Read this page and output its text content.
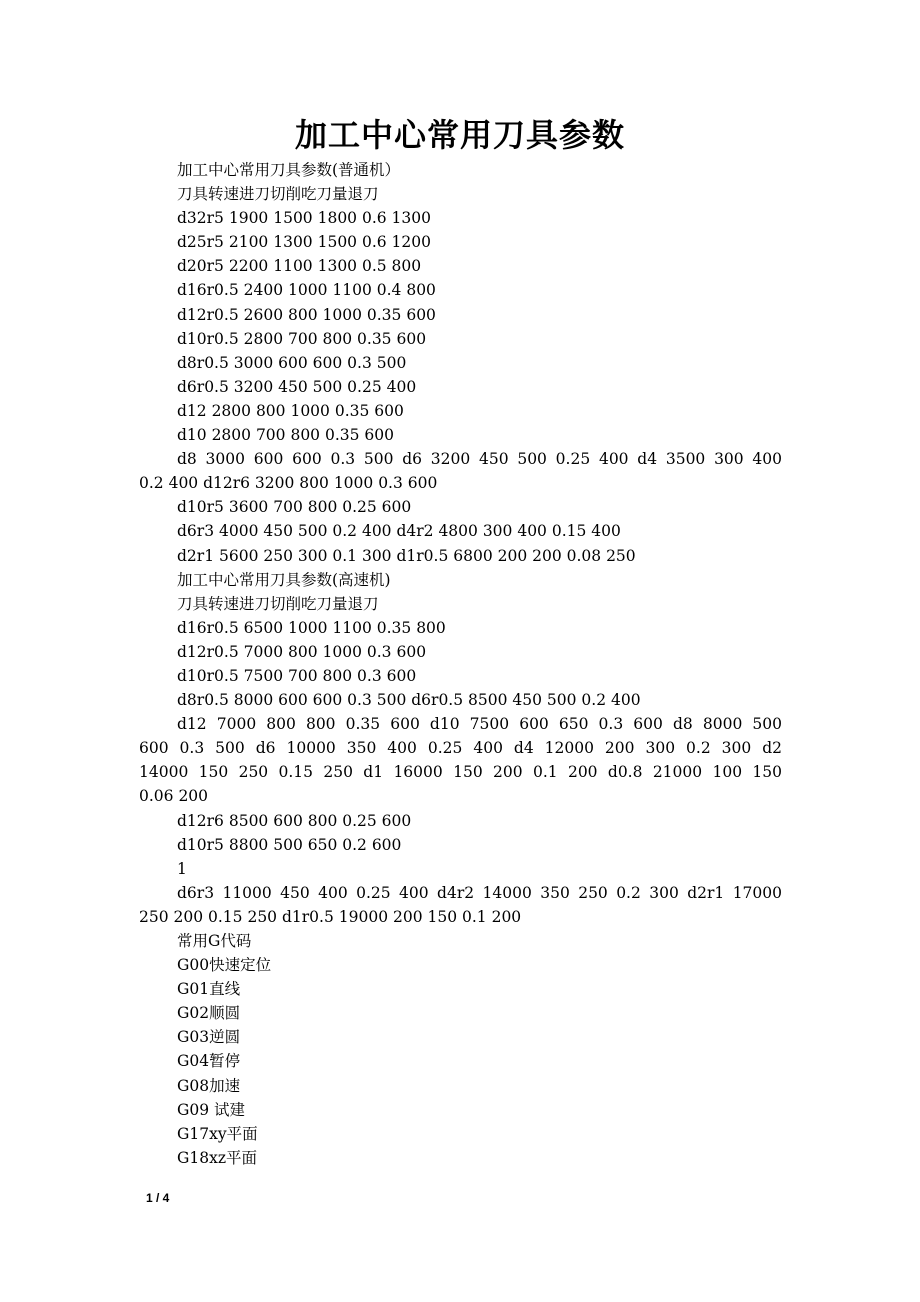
加工中心常用刀具参数
加工中心常用刀具参数(普通机）
刀具转速进刀切削吃刀量退刀
d32r5 1900 1500 1800 0.6 1300
d25r5 2100 1300 1500 0.6 1200
d20r5 2200 1100 1300 0.5 800
d16r0.5 2400 1000 1100 0.4 800
d12r0.5 2600 800 1000 0.35 600
d10r0.5 2800 700 800 0.35 600
d8r0.5 3000 600 600 0.3 500
d6r0.5 3200 450 500 0.25 400
d12 2800 800 1000 0.35 600
d10 2800 700 800 0.35 600
d8 3000 600 600 0.3 500 d6 3200 450 500 0.25 400 d4 3500 300 400
0.2 400 d12r6 3200 800 1000 0.3 600
d10r5 3600 700 800 0.25 600
d6r3 4000 450 500 0.2 400 d4r2 4800 300 400 0.15 400
d2r1 5600 250 300 0.1 300 d1r0.5 6800 200 200 0.08 250
加工中心常用刀具参数(高速机)
刀具转速进刀切削吃刀量退刀
d16r0.5 6500 1000 1100 0.35 800
d12r0.5 7000 800 1000 0.3 600
d10r0.5 7500 700 800 0.3 600
d8r0.5 8000 600 600 0.3 500 d6r0.5 8500 450 500 0.2 400
d12 7000 800 800 0.35 600 d10 7500 600 650 0.3 600 d8 8000 500
600 0.3 500 d6 10000 350 400 0.25 400 d4 12000 200 300 0.2 300 d2
14000 150 250 0.15 250 d1 16000 150 200 0.1 200 d0.8 21000 100 150
0.06 200
d12r6 8500 600 800 0.25 600
d10r5 8800 500 650 0.2 600
1
d6r3 11000 450 400 0.25 400 d4r2 14000 350 250 0.2 300 d2r1 17000
250 200 0.15 250 d1r0.5 19000 200 150 0.1 200
常用G代码
G00快速定位
G01直线
G02顺圆
G03逆圆
G04暂停
G08加速
G09 试建
G17xy平面
G18xz平面
1 / 4
